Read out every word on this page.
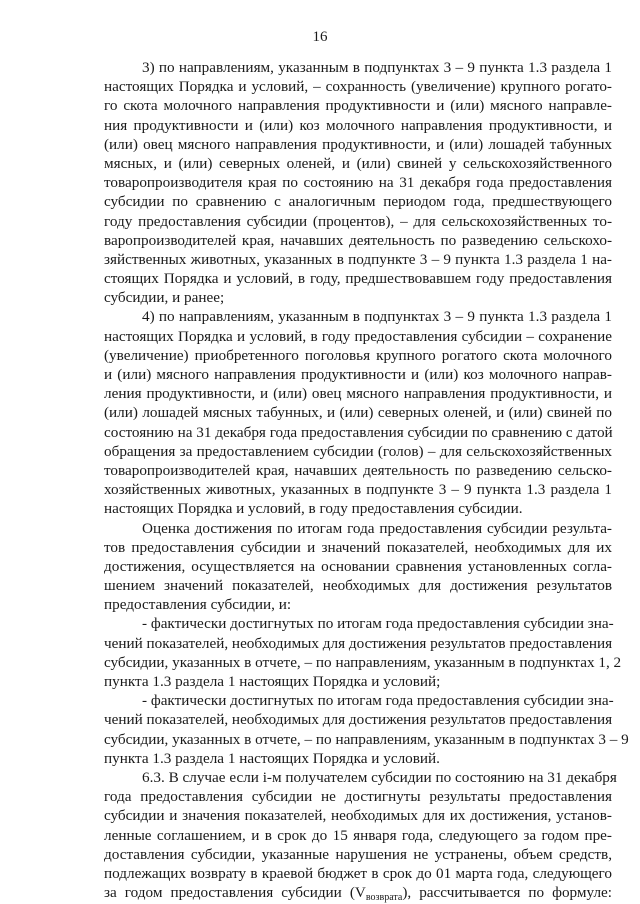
16
3) по направлениям, указанным в подпунктах 3 – 9 пункта 1.3 раздела 1
настоящих Порядка и условий, – сохранность (увеличение) крупного рогато-
го скота молочного направления продуктивности и (или) мясного направле-
ния продуктивности и (или) коз молочного направления продуктивности, и
(или) овец мясного направления продуктивности, и (или) лошадей табунных
мясных, и (или) северных оленей, и (или) свиней у сельскохозяйственного
товаропроизводителя края по состоянию на 31 декабря года предоставления
субсидии по сравнению с аналогичным периодом года, предшествующего
году предоставления субсидии (процентов), – для сельскохозяйственных то-
варопроизводителей края, начавших деятельность по разведению сельскохо-
зяйственных животных, указанных в подпункте 3 – 9 пункта 1.3 раздела 1 на-
стоящих Порядка и условий, в году, предшествовавшем году предоставления
субсидии, и ранее;
4) по направлениям, указанным в подпунктах 3 – 9 пункта 1.3 раздела 1
настоящих Порядка и условий, в году предоставления субсидии – сохранение
(увеличение) приобретенного поголовья крупного рогатого скота молочного
и (или) мясного направления продуктивности и (или) коз молочного направ-
ления продуктивности, и (или) овец мясного направления продуктивности, и
(или) лошадей мясных табунных, и (или) северных оленей, и (или) свиней по
состоянию на 31 декабря года предоставления субсидии по сравнению с датой
обращения за предоставлением субсидии (голов) – для сельскохозяйственных
товаропроизводителей края, начавших деятельность по разведению сельско-
хозяйственных животных, указанных в подпункте 3 – 9 пункта 1.3 раздела 1
настоящих Порядка и условий, в году предоставления субсидии.
Оценка достижения по итогам года предоставления субсидии результа-
тов предоставления субсидии и значений показателей, необходимых для их
достижения, осуществляется на основании сравнения установленных согла-
шением значений показателей, необходимых для достижения результатов
предоставления субсидии, и:
- фактически достигнутых по итогам года предоставления субсидии зна-
чений показателей, необходимых для достижения результатов предоставления
субсидии, указанных в отчете, – по направлениям, указанным в подпунктах 1, 2
пункта 1.3 раздела 1 настоящих Порядка и условий;
- фактически достигнутых по итогам года предоставления субсидии зна-
чений показателей, необходимых для достижения результатов предоставления
субсидии, указанных в отчете, – по направлениям, указанным в подпунктах 3 – 9
пункта 1.3 раздела 1 настоящих Порядка и условий.
6.3. В случае если i-м получателем субсидии по состоянию на 31 декабря
года предоставления субсидии не достигнуты результаты предоставления
субсидии и значения показателей, необходимых для их достижения, установ-
ленные соглашением, и в срок до 15 января года, следующего за годом пре-
доставления субсидии, указанные нарушения не устранены, объем средств,
подлежащих возврату в краевой бюджет в срок до 01 марта года, следующего
за годом предоставления субсидии $(V_{возврата})$, рассчитывается по формуле:
